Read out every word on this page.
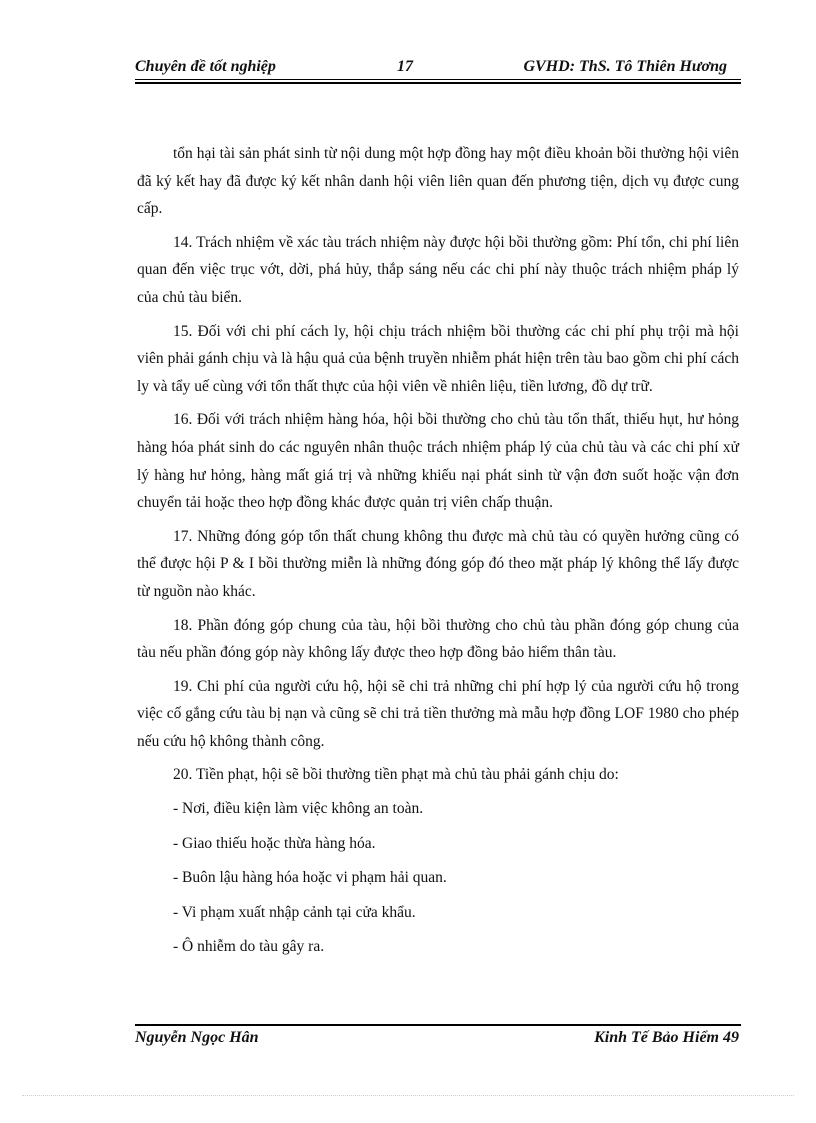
Chuyên đề tốt nghiệp	17	GVHD: ThS. Tô Thiên Hương

tổn hại tài sản phát sinh từ nội dung một hợp đồng hay một điều khoản bồi thường hội viên đã ký kết hay đã được ký kết nhân danh hội viên liên quan đến phương tiện, dịch vụ được cung cấp.

14. Trách nhiệm về xác tàu trách nhiệm này được hội bồi thường gồm: Phí tổn, chi phí liên quan đến việc trục vớt, dời, phá hủy, thắp sáng nếu các chi phí này thuộc trách nhiệm pháp lý của chủ tàu biển.

15. Đối với chi phí cách ly, hội chịu trách nhiệm bồi thường các chi phí phụ trội mà hội viên phải gánh chịu và là hậu quả của bệnh truyền nhiễm phát hiện trên tàu bao gồm chi phí cách ly và tẩy uế cùng với tổn thất thực của hội viên về nhiên liệu, tiền lương, đồ dự trữ.

16. Đối với trách nhiệm hàng hóa, hội bồi thường cho chủ tàu tổn thất, thiếu hụt, hư hỏng hàng hóa phát sinh do các nguyên nhân thuộc trách nhiệm pháp lý của chủ tàu và các chi phí xử lý hàng hư hỏng, hàng mất giá trị và những khiếu nại phát sinh từ vận đơn suốt hoặc vận đơn chuyển tải hoặc theo hợp đồng khác được quản trị viên chấp thuận.

17. Những đóng góp tổn thất chung không thu được mà chủ tàu có quyền hưởng cũng có thể được hội P & I bồi thường miễn là những đóng góp đó theo mặt pháp lý không thể lấy được từ nguồn nào khác.

18. Phần đóng góp chung của tàu, hội bồi thường cho chủ tàu phần đóng góp chung của tàu nếu phần đóng góp này không lấy được theo hợp đồng bảo hiểm thân tàu.

19. Chi phí của người cứu hộ, hội sẽ chi trả những chi phí hợp lý của người cứu hộ trong việc cố gắng cứu tàu bị nạn và cũng sẽ chi trả tiền thưởng mà mẫu hợp đồng LOF 1980 cho phép nếu cứu hộ không thành công.

20. Tiền phạt, hội sẽ bồi thường tiền phạt mà chủ tàu phải gánh chịu do:

- Nơi, điều kiện làm việc không an toàn.

- Giao thiếu hoặc thừa hàng hóa.

- Buôn lậu hàng hóa hoặc vi phạm hải quan.

- Vi phạm xuất nhập cảnh tại cửa khẩu.

- Ô nhiễm do tàu gây ra.

Nguyễn Ngọc Hân	Kinh Tế Bảo Hiểm 49
